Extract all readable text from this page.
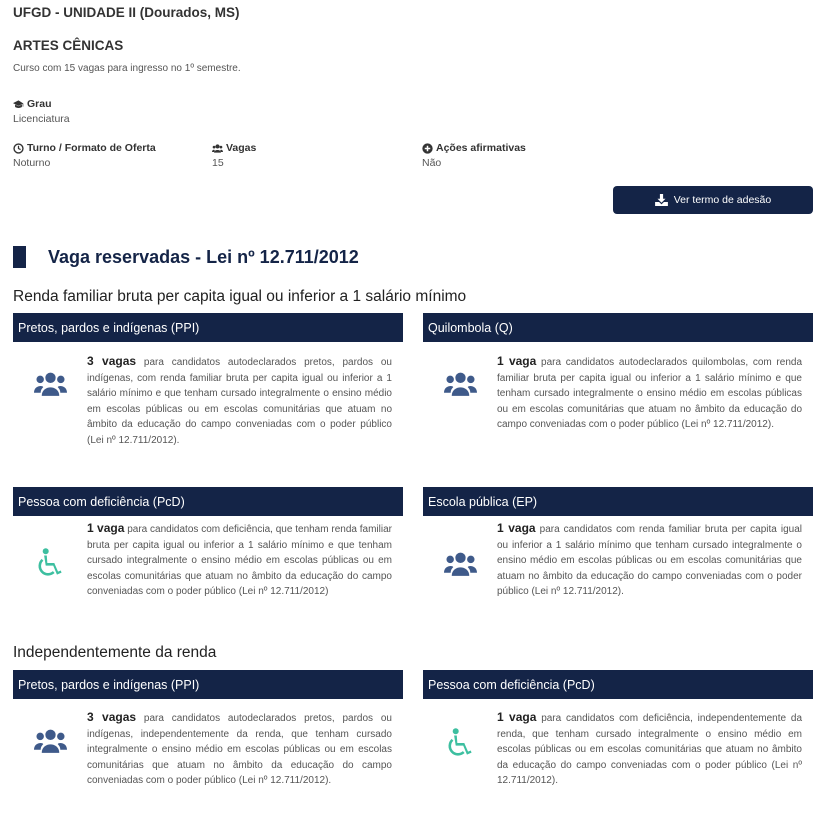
UFGD - UNIDADE II (Dourados, MS)
ARTES CÊNICAS
Curso com 15 vagas para ingresso no 1º semestre.
Grau
Licenciatura
Turno / Formato de Oferta
Noturno
Vagas
15
Ações afirmativas
Não
Ver termo de adesão
Vaga reservadas - Lei nº 12.711/2012
Renda familiar bruta per capita igual ou inferior a 1 salário mínimo
Pretos, pardos e indígenas (PPI)
3 vagas para candidatos autodeclarados pretos, pardos ou indígenas, com renda familiar bruta per capita igual ou inferior a 1 salário mínimo e que tenham cursado integralmente o ensino médio em escolas públicas ou em escolas comunitárias que atuam no âmbito da educação do campo conveniadas com o poder público (Lei nº 12.711/2012).
Quilombola (Q)
1 vaga para candidatos autodeclarados quilombolas, com renda familiar bruta per capita igual ou inferior a 1 salário mínimo e que tenham cursado integralmente o ensino médio em escolas públicas ou em escolas comunitárias que atuam no âmbito da educação do campo conveniadas com o poder público (Lei nº 12.711/2012).
Pessoa com deficiência (PcD)
1 vaga para candidatos com deficiência, que tenham renda familiar bruta per capita igual ou inferior a 1 salário mínimo e que tenham cursado integralmente o ensino médio em escolas públicas ou em escolas comunitárias que atuam no âmbito da educação do campo conveniadas com o poder público (Lei nº 12.711/2012)
Escola pública (EP)
1 vaga para candidatos com renda familiar bruta per capita igual ou inferior a 1 salário mínimo que tenham cursado integralmente o ensino médio em escolas públicas ou em escolas comunitárias que atuam no âmbito da educação do campo conveniadas com o poder público (Lei nº 12.711/2012).
Independentemente da renda
Pretos, pardos e indígenas (PPI)
3 vagas para candidatos autodeclarados pretos, pardos ou indígenas, independentemente da renda, que tenham cursado integralmente o ensino médio em escolas públicas ou em escolas comunitárias que atuam no âmbito da educação do campo conveniadas com o poder público (Lei nº 12.711/2012).
Pessoa com deficiência (PcD)
1 vaga para candidatos com deficiência, independentemente da renda, que tenham cursado integralmente o ensino médio em escolas públicas ou em escolas comunitárias que atuam no âmbito da educação do campo conveniadas com o poder público (Lei nº 12.711/2012).
